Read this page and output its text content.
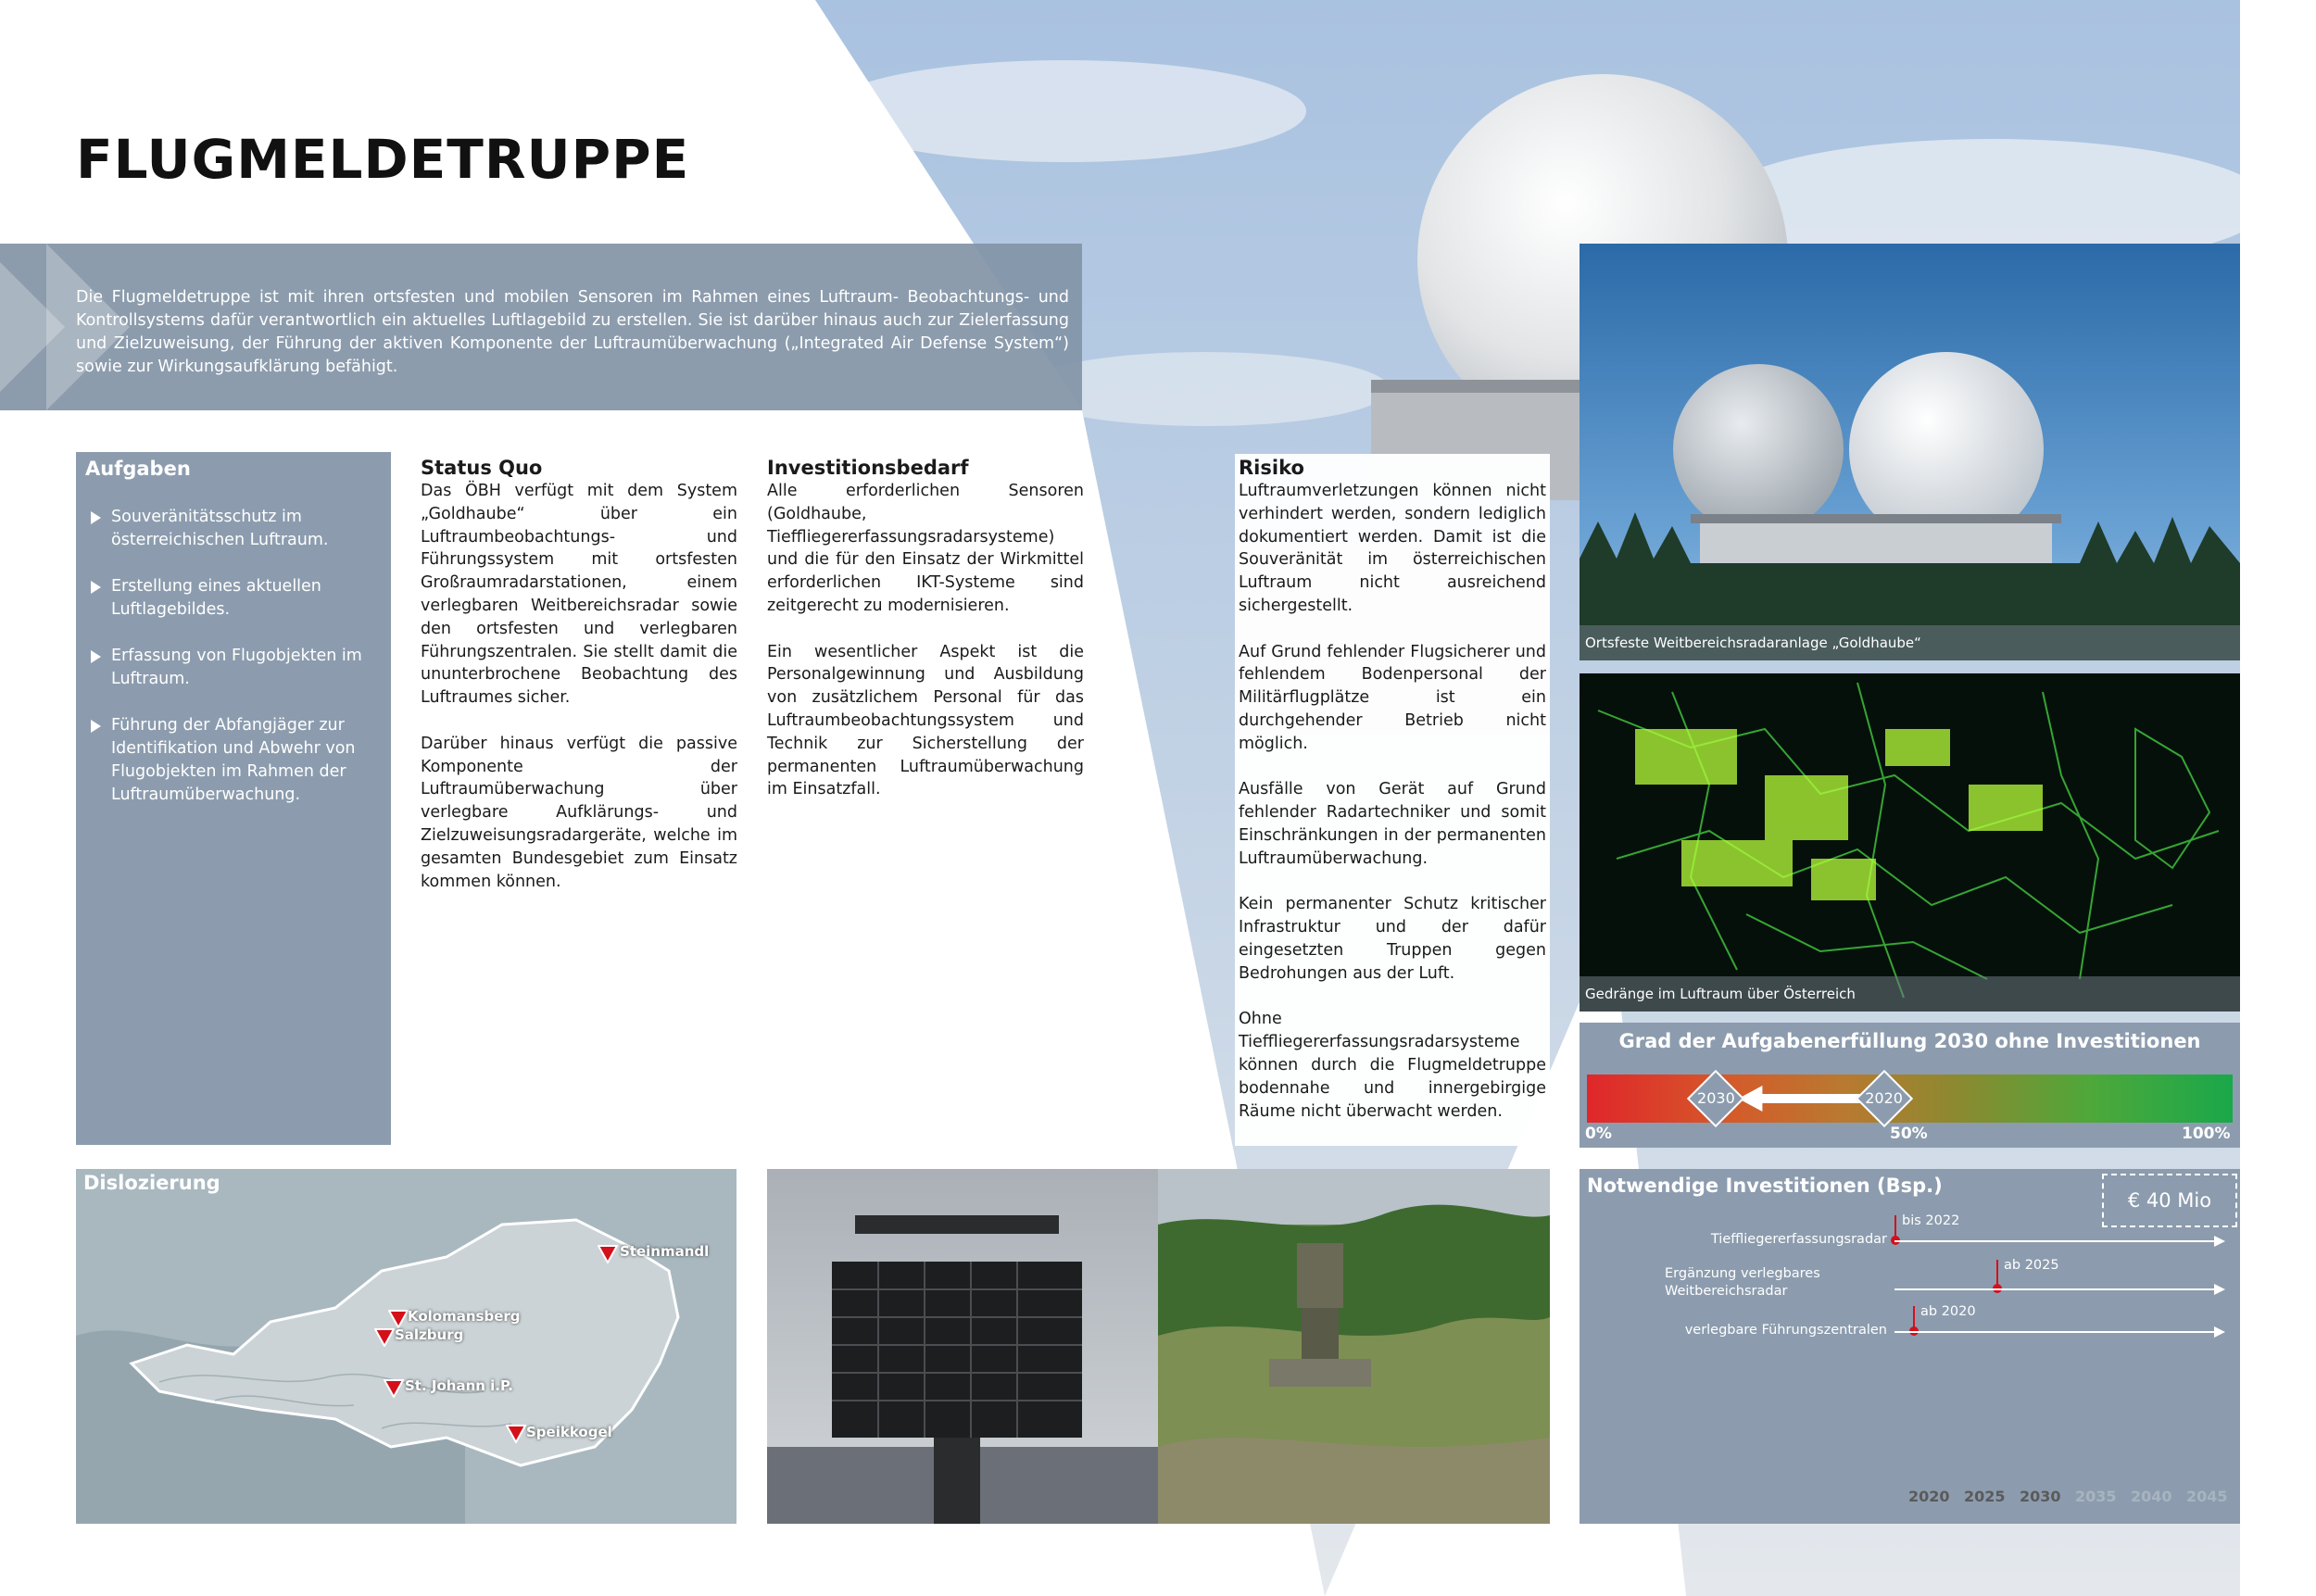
FLUGMELDETRUPPE
Die Flugmeldetruppe ist mit ihren ortsfesten und mobilen Sensoren im Rahmen eines Luftraum- Beobachtungs- und Kontrollsystems dafür verantwortlich ein aktuelles Luftlagebild zu erstellen. Sie ist darüber hinaus auch zur Zielerfassung und Zielzuweisung, der Führung der aktiven Komponente der Luftraumüberwachung („Integrated Air Defense System“) sowie zur Wirkungsaufklärung befähigt.
Aufgaben
Souveränitätsschutz im österreichischen Luftraum.
Erstellung eines aktuellen Luftlagebildes.
Erfassung von Flugobjekten im Luftraum.
Führung der Abfangjäger zur Identifikation und Abwehr von Flugobjekten im Rahmen der Luftraumüberwachung.
Status Quo

Das ÖBH verfügt mit dem System „Goldhaube“ über ein Luftraumbeobachtungs- und Führungssystem mit ortsfesten Großraumradarstationen, einem verlegbaren Weitbereichsradar sowie den ortsfesten und verlegbaren Führungszentralen. Sie stellt damit die ununterbrochene Beobachtung des Luftraumes sicher.

Darüber hinaus verfügt die passive Komponente der Luftraumüberwachung über verlegbare Aufklärungs- und Zielzuweisungsradargeräte, welche im gesamten Bundesgebiet zum Einsatz kommen können.

Investitionsbedarf

Alle erforderlichen Sensoren (Goldhaube, Tieffliegererfassungsradarsysteme) und die für den Einsatz der Wirkmittel erforderlichen IKT-Systeme sind zeitgerecht zu modernisieren.

Ein wesentlicher Aspekt ist die Personalgewinnung und Ausbildung von zusätzlichem Personal für das Luftraumbeobachtungssystem und Technik zur Sicherstellung der permanenten Luftraumüberwachung im Einsatzfall.

Risiko

Luftraumverletzungen können nicht verhindert werden, sondern lediglich dokumentiert werden. Damit ist die Souveränität im österreichischen Luftraum nicht ausreichend sichergestellt.

Auf Grund fehlender Flugsicherer und fehlendem Bodenpersonal der Militärflugplätze ist ein durchgehender Betrieb nicht möglich.

Ausfälle von Gerät auf Grund fehlender Radartechniker und somit Einschränkungen in der permanenten Luftraumüberwachung.

Kein permanenter Schutz kritischer Infrastruktur und der dafür eingesetzten Truppen gegen Bedrohungen aus der Luft.

Ohne Tieffliegererfassungsradarsysteme können durch die Flugmeldetruppe bodennahe und innergebirgige Räume nicht überwacht werden.

Ortsfeste Weitbereichsradaranlage „Goldhaube“
Gedränge im Luftraum über Österreich
Grad der Aufgabenerfüllung 2030 ohne Investitionen
2030	2020
0%	50%	100%
Notwendige Investitionen (Bsp.)
€ 40 Mio
Tieffliegererfassungsradar
bis 2022
Ergänzung verlegbares Weitbereichsradar
ab 2025
verlegbare Führungszentralen
ab 2020
2020 2025 2030 2035 2040 2045
Dislozierung
Steinmandl
Kolomansberg
Salzburg
St. Johann i.P.
Speikkogel
